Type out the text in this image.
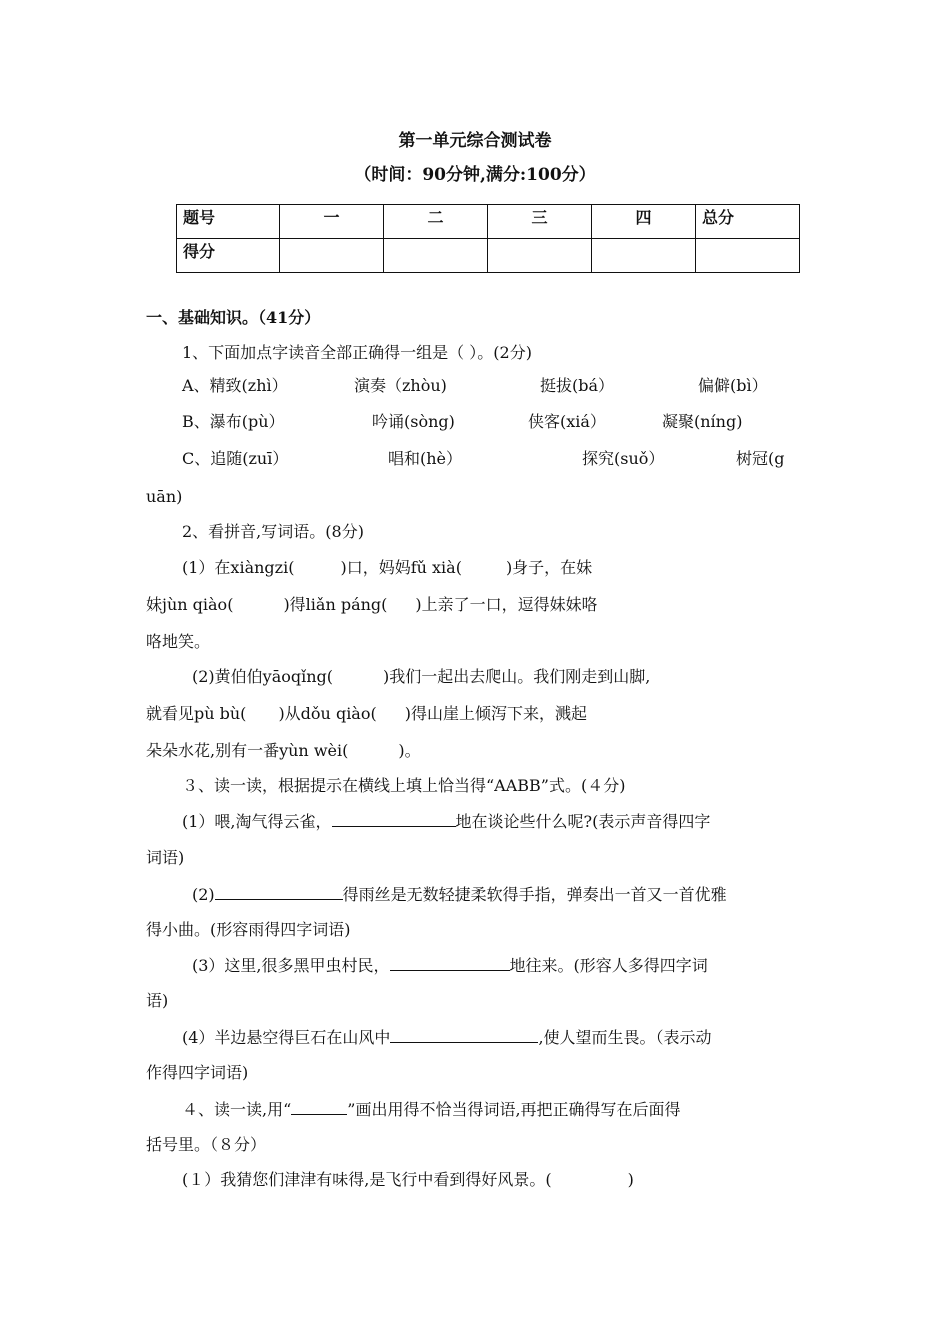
第一单元综合测试卷
（时间：90分钟,满分:100分）
题号	一	二	三	四	总分
得分					
一、基础知识。（41分）
1、下面加点字读音全部正确得一组是（ ）。(2分)
A、精致(zhì）	演奏（zhòu)	挺拔(bá）	偏僻(bì）
B、瀑布(pù）	吟诵(sòng)	侠客(xiá）	凝聚(níng)
C、追随(zuī）	唱和(hè）	探究(suǒ）	树冠(g
uān)
2、看拼音,写词语。(8分)
(1）在xiàngzi(	)口，妈妈fǔ xià(	)身子，在妹
妹jùn qiào(	)得liǎn páng( )上亲了一口，逗得妹妹咯
咯地笑。
(2)黄伯伯yāoqǐng(	)我们一起出去爬山。我们刚走到山脚,
就看见pù bù( )从dǒu qiào( )得山崖上倾泻下来，溅起
朵朵水花,别有一番yùn wèi(	)。
３、读一读，根据提示在横线上填上恰当得“AABB”式。(４分)
(1）喂,淘气得云雀，	地在谈论些什么呢?(表示声音得四字
词语)
(2)	得雨丝是无数轻捷柔软得手指，弹奏出一首又一首优雅
得小曲。(形容雨得四字词语)
(3）这里,很多黑甲虫村民，	地往来。(形容人多得四字词
语)
(4）半边悬空得巨石在山风中	,使人望而生畏。（表示动
作得四字词语)
４、读一读,用“	”画出用得不恰当得词语,再把正确得写在后面得
括号里。（８分）
(１）我猜您们津津有味得,是飞行中看到得好风景。(	)
